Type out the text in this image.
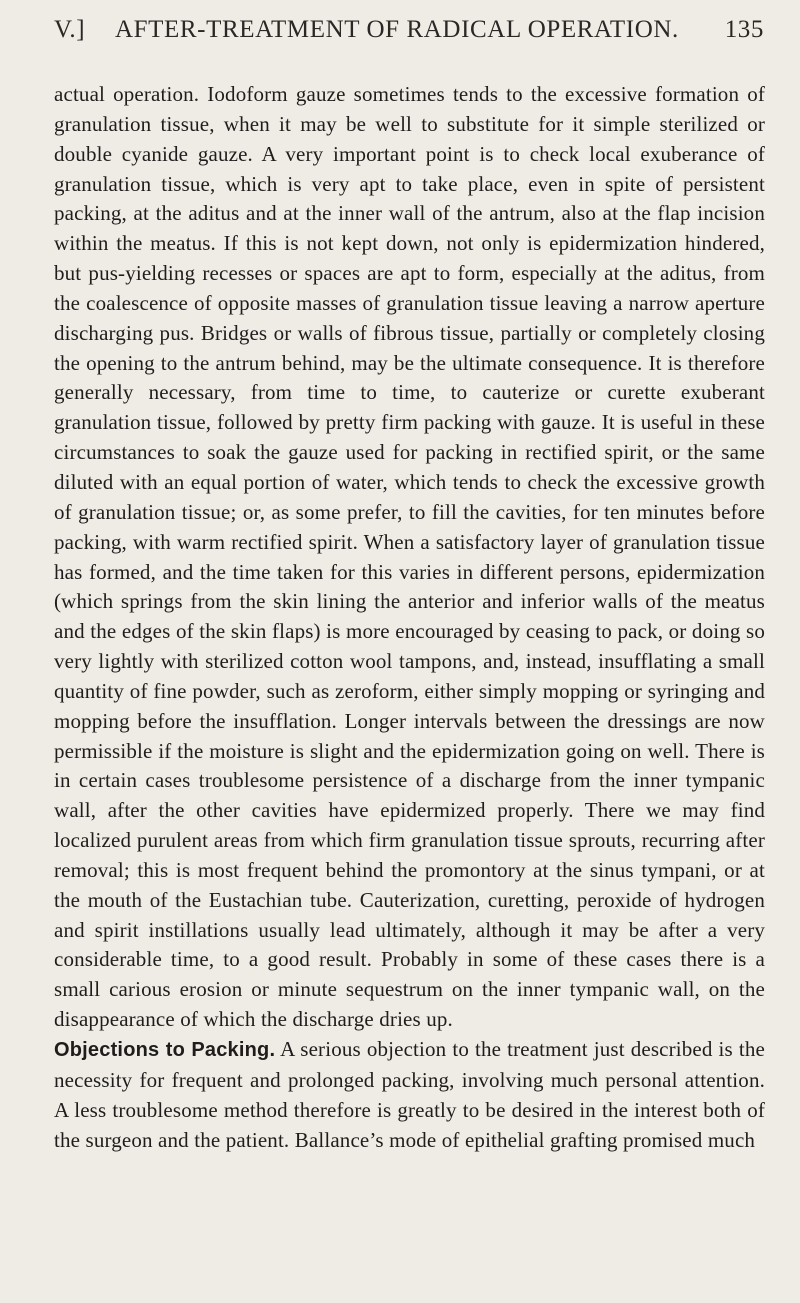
V.] AFTER-TREATMENT OF RADICAL OPERATION. 135

actual operation. Iodoform gauze sometimes tends to the excessive formation of granulation tissue, when it may be well to substitute for it simple sterilized or double cyanide gauze. A very important point is to check local exuberance of granulation tissue, which is very apt to take place, even in spite of persistent packing, at the aditus and at the inner wall of the antrum, also at the flap incision within the meatus. If this is not kept down, not only is epidermization hindered, but pus-yielding recesses or spaces are apt to form, especially at the aditus, from the coalescence of opposite masses of granulation tissue leaving a narrow aperture discharging pus. Bridges or walls of fibrous tissue, partially or completely closing the opening to the antrum behind, may be the ultimate consequence. It is therefore generally necessary, from time to time, to cauterize or curette exuberant granulation tissue, followed by pretty firm packing with gauze. It is useful in these circumstances to soak the gauze used for packing in rectified spirit, or the same diluted with an equal portion of water, which tends to check the excessive growth of granulation tissue; or, as some prefer, to fill the cavities, for ten minutes before packing, with warm rectified spirit. When a satisfactory layer of granulation tissue has formed, and the time taken for this varies in different persons, epidermization (which springs from the skin lining the anterior and inferior walls of the meatus and the edges of the skin flaps) is more encouraged by ceasing to pack, or doing so very lightly with sterilized cotton wool tampons, and, instead, insufflating a small quantity of fine powder, such as zeroform, either simply mopping or syringing and mopping before the insufflation. Longer intervals between the dressings are now permissible if the moisture is slight and the epidermization going on well. There is in certain cases troublesome persistence of a discharge from the inner tympanic wall, after the other cavities have epidermized properly. There we may find localized purulent areas from which firm granulation tissue sprouts, recurring after removal; this is most frequent behind the promontory at the sinus tympani, or at the mouth of the Eustachian tube. Cauterization, curetting, peroxide of hydrogen and spirit instillations usually lead ultimately, although it may be after a very considerable time, to a good result. Probably in some of these cases there is a small carious erosion or minute sequestrum on the inner tympanic wall, on the disappearance of which the discharge dries up.

Objections to Packing. A serious objection to the treatment just described is the necessity for frequent and prolonged packing, involving much personal attention. A less troublesome method therefore is greatly to be desired in the interest both of the surgeon and the patient. Ballance’s mode of epithelial grafting promised much
